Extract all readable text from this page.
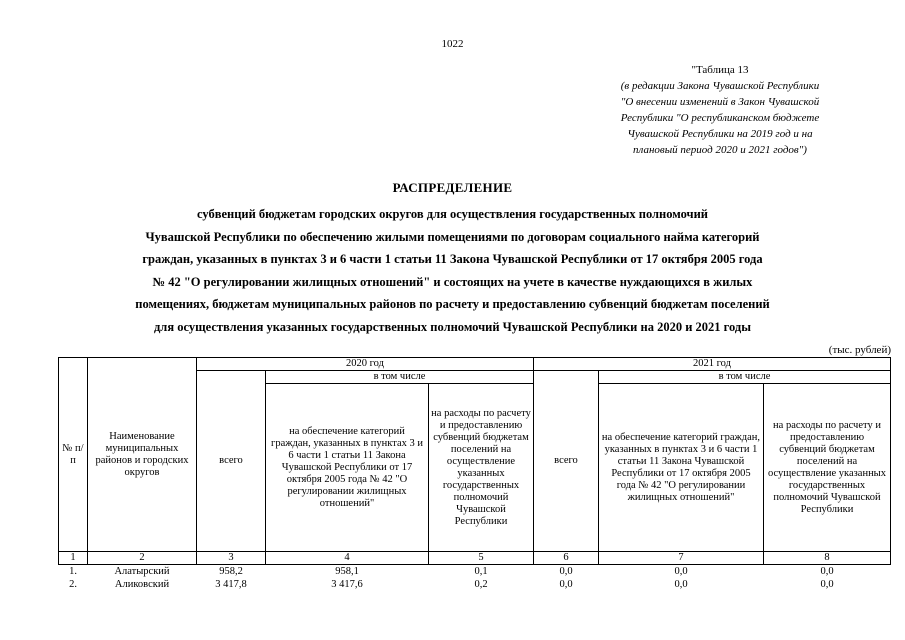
1022
"Таблица 13
(в редакции Закона Чувашской Республики
"О внесении изменений в Закон Чувашской
Республики "О республиканском бюджете
Чувашской Республики на 2019 год и на
плановый период 2020 и 2021 годов")
РАСПРЕДЕЛЕНИЕ
субвенций бюджетам городских округов для осуществления государственных полномочий
Чувашской Республики по обеспечению жилыми помещениями по договорам социального найма категорий
граждан, указанных в пунктах 3 и 6 части 1 статьи 11 Закона Чувашской Республики от 17 октября 2005 года
№ 42 "О регулировании жилищных отношений" и состоящих на учете в качестве нуждающихся в жилых
помещениях, бюджетам муниципальных районов по расчету и предоставлению субвенций бюджетам поселений
для осуществления указанных государственных полномочий Чувашской Республики на 2020 и 2021 годы
(тыс. рублей)
№ п/п	Наименование муниципальных районов и городских округов	2020 год			2021 год		
		всего	в том числе		всего	в том числе	
			на обеспечение категорий граждан, указанных в пунктах 3 и 6 части 1 статьи 11 Закона Чувашской Республики от 17 октября 2005 года № 42 "О регулировании жилищных отношений"	на расходы по расчету и предоставлению субвенций бюджетам поселений на осуществление указанных государственных полномочий Чувашской Республики		на обеспечение категорий граждан, указанных в пунктах 3 и 6 части 1 статьи 11 Закона Чувашской Республики от 17 октября 2005 года № 42 "О регулировании жилищных отношений"	на расходы по расчету и предоставлению субвенций бюджетам поселений на осуществление указанных государственных полномочий Чувашской Республики
1	2	3	4	5	6	7	8
1.	Алатырский	958,2	958,1	0,1	0,0	0,0	0,0
2.	Аликовский	3 417,8	3 417,6	0,2	0,0	0,0	0,0
